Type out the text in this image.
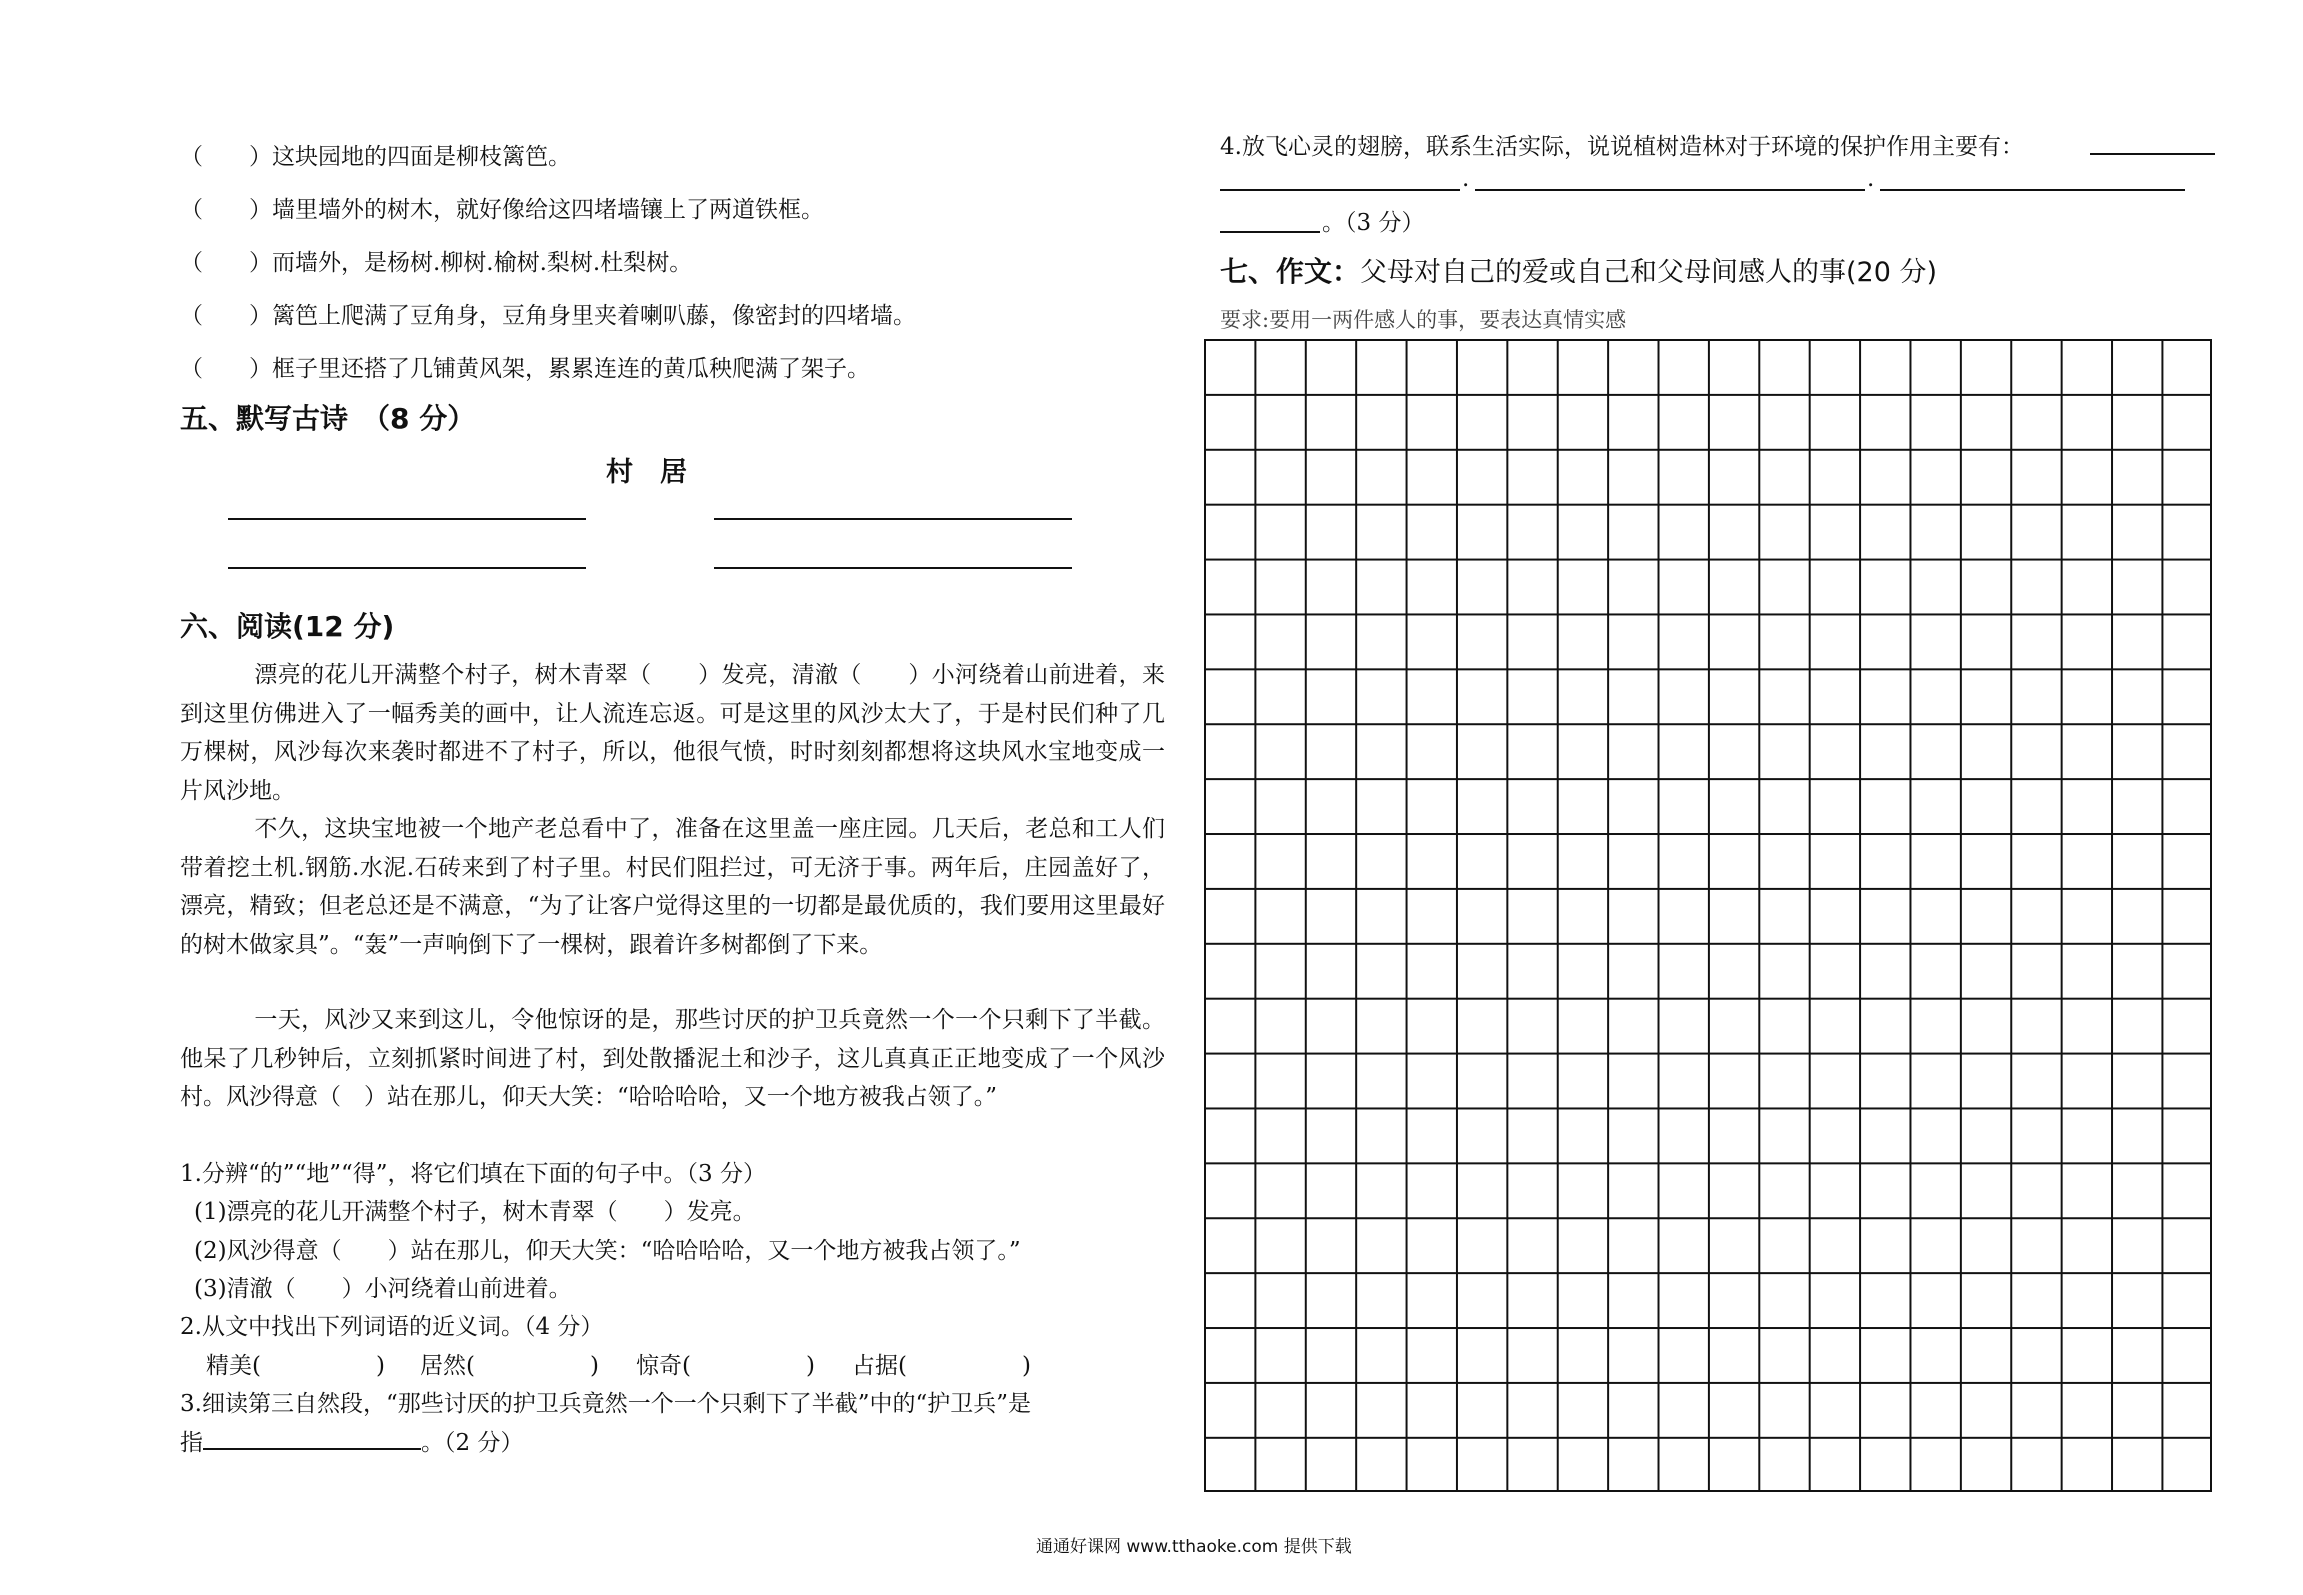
（　　）这块园地的四面是柳枝篱笆。
（　　）墙里墙外的树木，就好像给这四堵墙镶上了两道铁框。
（　　）而墙外，是杨树.柳树.榆树.梨树.杜梨树。
（　　）篱笆上爬满了豆角身，豆角身里夹着喇叭藤，像密封的四堵墙。
（　　）框子里还搭了几铺黄风架，累累连连的黄瓜秧爬满了架子。
五、默写古诗　（8 分）
村　居
六、阅读(12 分)
漂亮的花儿开满整个村子，树木青翠（　　）发亮，清澈（　　）小河绕着山前进着，来到这里仿佛进入了一幅秀美的画中，让人流连忘返。可是这里的风沙太大了，于是村民们种了几万棵树，风沙每次来袭时都进不了村子，所以，他很气愤，时时刻刻都想将这块风水宝地变成一片风沙地。
不久，这块宝地被一个地产老总看中了，准备在这里盖一座庄园。几天后，老总和工人们带着挖土机.钢筋.水泥.石砖来到了村子里。村民们阻拦过，可无济于事。两年后，庄园盖好了，漂亮，精致；但老总还是不满意，“为了让客户觉得这里的一切都是最优质的，我们要用这里最好的树木做家具”。“轰”一声响倒下了一棵树，跟着许多树都倒了下来。
一天，风沙又来到这儿，令他惊讶的是，那些讨厌的护卫兵竟然一个一个只剩下了半截。他呆了几秒钟后，立刻抓紧时间进了村，到处散播泥土和沙子，这儿真真正正地变成了一个风沙村。风沙得意（　）站在那儿，仰天大笑：“哈哈哈哈，又一个地方被我占领了。”
1.分辨“的”“地”“得”，将它们填在下面的句子中。（3 分）
(1)漂亮的花儿开满整个村子，树木青翠（　　）发亮。
(2)风沙得意（　　）站在那儿，仰天大笑：“哈哈哈哈，又一个地方被我占领了。”
(3)清澈（　　）小河绕着山前进着。
2.从文中找出下列词语的近义词。（4 分）
精美(　　　　　) 居然(　　　　　) 惊奇(　　　　　) 占据(　　　　　)
3.细读第三自然段，“那些讨厌的护卫兵竟然一个一个只剩下了半截”中的“护卫兵”是
指	。（2 分）
4.放飞心灵的翅膀，联系生活实际，说说植树造林对于环境的保护作用主要有：
.	.
。（3 分）
七、作文：父母对自己的爱或自己和父母间感人的事(20 分)
要求:要用一两件感人的事，要表达真情实感
通通好课网 www.tthaoke.com 提供下载
